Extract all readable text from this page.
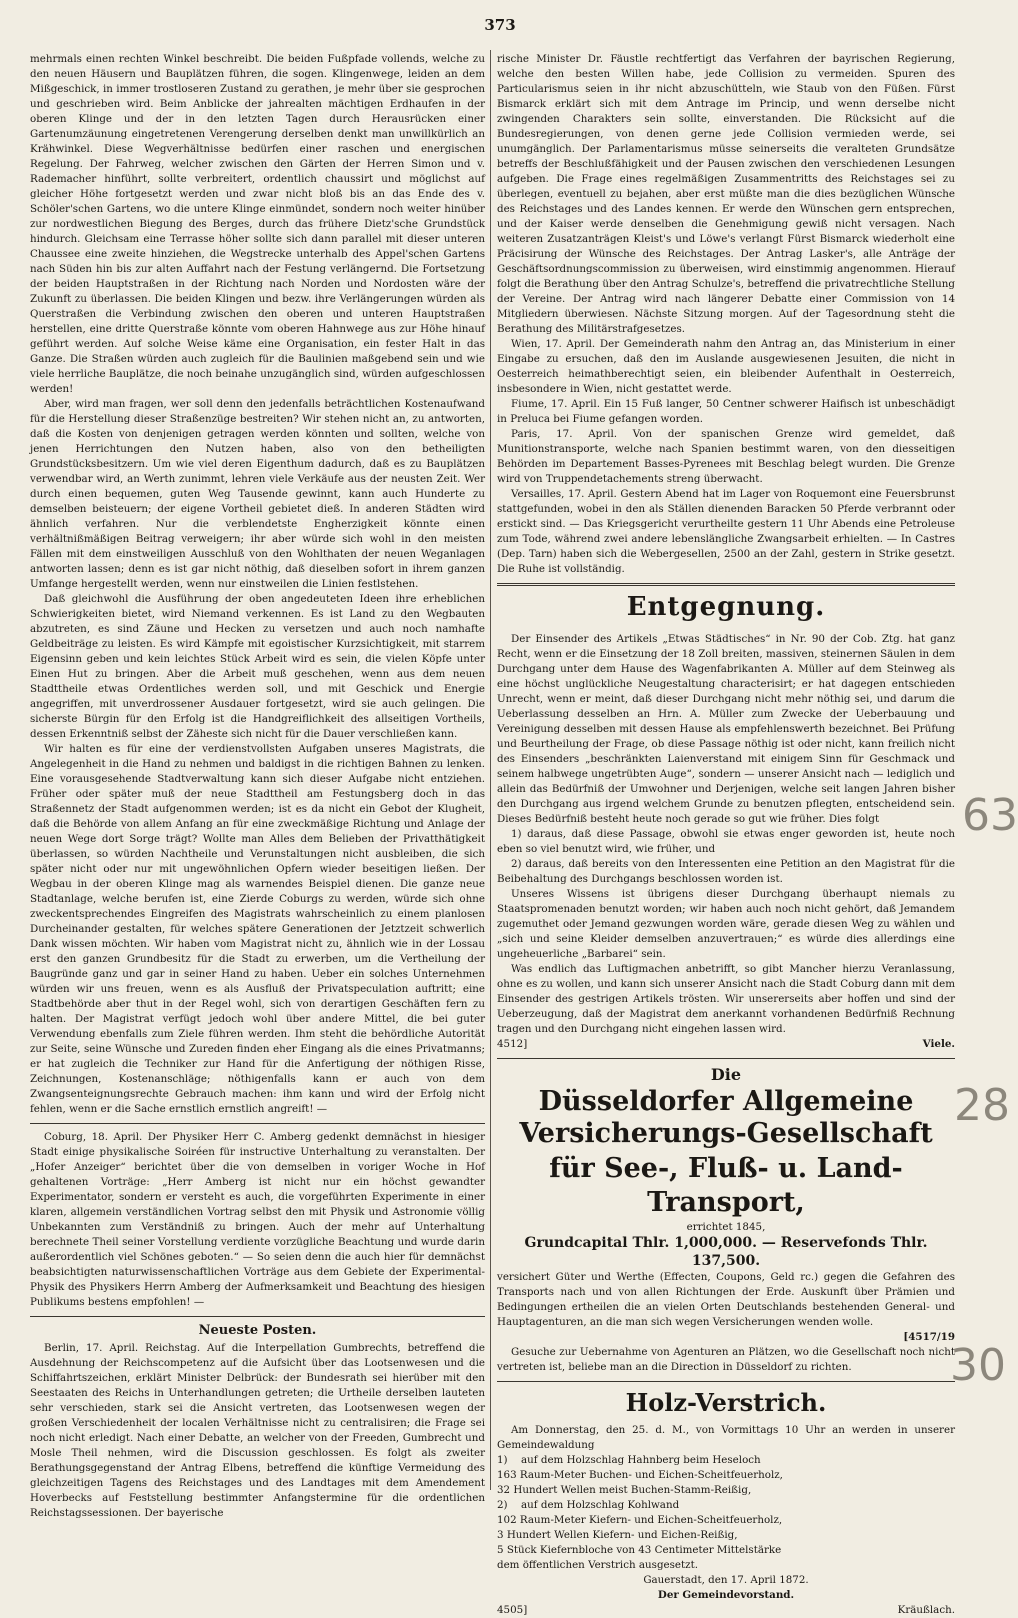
373

mehrmals einen rechten Winkel beschreibt. Die beiden Fußpfade vollends, welche zu den neuen Häusern und Bauplätzen führen, die sogen. Klingenwege, leiden an dem Mißgeschick, in immer trostloseren Zustand zu gerathen, je mehr über sie gesprochen und geschrieben wird. Beim Anblicke der jahrealten mächtigen Erdhaufen in der oberen Klinge und der in den letzten Tagen durch Herausrücken einer Gartenumzäunung eingetretenen Verengerung derselben denkt man unwillkürlich an Krähwinkel. Diese Wegverhältnisse bedürfen einer raschen und energischen Regelung. Der Fahrweg, welcher zwischen den Gärten der Herren Simon und v. Rademacher hinführt, sollte verbreitert, ordentlich chaussirt und möglichst auf gleicher Höhe fortgesetzt werden und zwar nicht bloß bis an das Ende des v. Schöler'schen Gartens, wo die untere Klinge einmündet, sondern noch weiter hinüber zur nordwestlichen Biegung des Berges, durch das frühere Dietz'sche Grundstück hindurch. Gleichsam eine Terrasse höher sollte sich dann parallel mit dieser unteren Chaussee eine zweite hinziehen, die Wegstrecke unterhalb des Appel'schen Gartens nach Süden hin bis zur alten Auffahrt nach der Festung verlängernd. Die Fortsetzung der beiden Hauptstraßen in der Richtung nach Norden und Nordosten wäre der Zukunft zu überlassen. Die beiden Klingen und bezw. ihre Verlängerungen würden als Querstraßen die Verbindung zwischen den oberen und unteren Hauptstraßen herstellen, eine dritte Querstraße könnte vom oberen Hahnwege aus zur Höhe hinauf geführt werden. Auf solche Weise käme eine Organisation, ein fester Halt in das Ganze. Die Straßen würden auch zugleich für die Baulinien maßgebend sein und wie viele herrliche Bauplätze, die noch beinahe unzugänglich sind, würden aufgeschlossen werden!

Aber, wird man fragen, wer soll denn den jedenfalls beträchtlichen Kostenaufwand für die Herstellung dieser Straßenzüge bestreiten? Wir stehen nicht an, zu antworten, daß die Kosten von denjenigen getragen werden könnten und sollten, welche von jenen Herrichtungen den Nutzen haben, also von den betheiligten Grundstücksbesitzern. Um wie viel deren Eigenthum dadurch, daß es zu Bauplätzen verwendbar wird, an Werth zunimmt, lehren viele Verkäufe aus der neusten Zeit. Wer durch einen bequemen, guten Weg Tausende gewinnt, kann auch Hunderte zu demselben beisteuern; der eigene Vortheil gebietet dieß. In anderen Städten wird ähnlich verfahren. Nur die verblendetste Engherzigkeit könnte einen verhältnißmäßigen Beitrag verweigern; ihr aber würde sich wohl in den meisten Fällen mit dem einstweiligen Ausschluß von den Wohlthaten der neuen Weganlagen antworten lassen; denn es ist gar nicht nöthig, daß dieselben sofort in ihrem ganzen Umfange hergestellt werden, wenn nur einstweilen die Linien festlstehen.

Daß gleichwohl die Ausführung der oben angedeuteten Ideen ihre erheblichen Schwierigkeiten bietet, wird Niemand verkennen. Es ist Land zu den Wegbauten abzutreten, es sind Zäune und Hecken zu versetzen und auch noch namhafte Geldbeiträge zu leisten. Es wird Kämpfe mit egoistischer Kurzsichtigkeit, mit starrem Eigensinn geben und kein leichtes Stück Arbeit wird es sein, die vielen Köpfe unter Einen Hut zu bringen. Aber die Arbeit muß geschehen, wenn aus dem neuen Stadttheile etwas Ordentliches werden soll, und mit Geschick und Energie angegriffen, mit unverdrossener Ausdauer fortgesetzt, wird sie auch gelingen. Die sicherste Bürgin für den Erfolg ist die Handgreiflichkeit des allseitigen Vortheils, dessen Erkenntniß selbst der Zäheste sich nicht für die Dauer verschließen kann.

Wir halten es für eine der verdienstvollsten Aufgaben unseres Magistrats, die Angelegenheit in die Hand zu nehmen und baldigst in die richtigen Bahnen zu lenken. Eine vorausgesehende Stadtverwaltung kann sich dieser Aufgabe nicht entziehen. Früher oder später muß der neue Stadttheil am Festungsberg doch in das Straßennetz der Stadt aufgenommen werden; ist es da nicht ein Gebot der Klugheit, daß die Behörde von allem Anfang an für eine zweckmäßige Richtung und Anlage der neuen Wege dort Sorge trägt? Wollte man Alles dem Belieben der Privatthätigkeit überlassen, so würden Nachtheile und Verunstaltungen nicht ausbleiben, die sich später nicht oder nur mit ungewöhnlichen Opfern wieder beseitigen ließen. Der Wegbau in der oberen Klinge mag als warnendes Beispiel dienen. Die ganze neue Stadtanlage, welche berufen ist, eine Zierde Coburgs zu werden, würde sich ohne zweckentsprechendes Eingreifen des Magistrats wahrscheinlich zu einem planlosen Durcheinander gestalten, für welches spätere Generationen der Jetztzeit schwerlich Dank wissen möchten. Wir haben vom Magistrat nicht zu, ähnlich wie in der Lossau erst den ganzen Grundbesitz für die Stadt zu erwerben, um die Vertheilung der Baugründe ganz und gar in seiner Hand zu haben. Ueber ein solches Unternehmen würden wir uns freuen, wenn es als Ausfluß der Privatspeculation auftritt; eine Stadtbehörde aber thut in der Regel wohl, sich von derartigen Geschäften fern zu halten. Der Magistrat verfügt jedoch wohl über andere Mittel, die bei guter Verwendung ebenfalls zum Ziele führen werden. Ihm steht die behördliche Autorität zur Seite, seine Wünsche und Zureden finden eher Eingang als die eines Privatmanns; er hat zugleich die Techniker zur Hand für die Anfertigung der nöthigen Risse, Zeichnungen, Kostenanschläge; nöthigenfalls kann er auch von dem Zwangsenteignungsrechte Gebrauch machen: ihm kann und wird der Erfolg nicht fehlen, wenn er die Sache ernstlich ernstlich angreift! —

Coburg, 18. April. Der Physiker Herr C. Amberg gedenkt demnächst in hiesiger Stadt einige physikalische Soiréen für instructive Unterhaltung zu veranstalten. Der „Hofer Anzeiger“ berichtet über die von demselben in voriger Woche in Hof gehaltenen Vorträge: „Herr Amberg ist nicht nur ein höchst gewandter Experimentator, sondern er versteht es auch, die vorgeführten Experimente in einer klaren, allgemein verständlichen Vortrag selbst den mit Physik und Astronomie völlig Unbekannten zum Verständniß zu bringen. Auch der mehr auf Unterhaltung berechnete Theil seiner Vorstellung verdiente vorzügliche Beachtung und wurde darin außerordentlich viel Schönes geboten.“ — So seien denn die auch hier für demnächst beabsichtigten naturwissenschaftlichen Vorträge aus dem Gebiete der Experimental-Physik des Physikers Herrn Amberg der Aufmerksamkeit und Beachtung des hiesigen Publikums bestens empfohlen! —

Neueste Posten.

Berlin, 17. April. Reichstag. Auf die Interpellation Gumbrechts, betreffend die Ausdehnung der Reichscompetenz auf die Aufsicht über das Lootsenwesen und die Schiffahrtszeichen, erklärt Minister Delbrück: der Bundesrath sei hierüber mit den Seestaaten des Reichs in Unterhandlungen getreten; die Urtheile derselben lauteten sehr verschieden, stark sei die Ansicht vertreten, das Lootsenwesen wegen der großen Verschiedenheit der localen Verhältnisse nicht zu centralisiren; die Frage sei noch nicht erledigt. Nach einer Debatte, an welcher von der Freeden, Gumbrecht und Mosle Theil nehmen, wird die Discussion geschlossen. Es folgt als zweiter Berathungsgegenstand der Antrag Elbens, betreffend die künftige Vermeidung des gleichzeitigen Tagens des Reichstages und des Landtages mit dem Amendement Hoverbecks auf Feststellung bestimmter Anfangstermine für die ordentlichen Reichstagssessionen. Der bayerische

rische Minister Dr. Fäustle rechtfertigt das Verfahren der bayrischen Regierung, welche den besten Willen habe, jede Collision zu vermeiden. Spuren des Particularismus seien in ihr nicht abzuschütteln, wie Staub von den Füßen. Fürst Bismarck erklärt sich mit dem Antrage im Princip, und wenn derselbe nicht zwingenden Charakters sein sollte, einverstanden. Die Rücksicht auf die Bundesregierungen, von denen gerne jede Collision vermieden werde, sei unumgänglich. Der Parlamentarismus müsse seinerseits die veralteten Grundsätze betreffs der Beschlußfähigkeit und der Pausen zwischen den verschiedenen Lesungen aufgeben. Die Frage eines regelmäßigen Zusammentritts des Reichstages sei zu überlegen, eventuell zu bejahen, aber erst müßte man die dies bezüglichen Wünsche des Reichstages und des Landes kennen. Er werde den Wünschen gern entsprechen, und der Kaiser werde denselben die Genehmigung gewiß nicht versagen. Nach weiteren Zusatzanträgen Kleist's und Löwe's verlangt Fürst Bismarck wiederholt eine Präcisirung der Wünsche des Reichstages. Der Antrag Lasker's, alle Anträge der Geschäftsordnungscommission zu überweisen, wird einstimmig angenommen. Hierauf folgt die Berathung über den Antrag Schulze's, betreffend die privatrechtliche Stellung der Vereine. Der Antrag wird nach längerer Debatte einer Commission von 14 Mitgliedern überwiesen. Nächste Sitzung morgen. Auf der Tagesordnung steht die Berathung des Militärstrafgesetzes.

Wien, 17. April. Der Gemeinderath nahm den Antrag an, das Ministerium in einer Eingabe zu ersuchen, daß den im Auslande ausgewiesenen Jesuiten, die nicht in Oesterreich heimathberechtigt seien, ein bleibender Aufenthalt in Oesterreich, insbesondere in Wien, nicht gestattet werde.

Fiume, 17. April. Ein 15 Fuß langer, 50 Centner schwerer Haifisch ist unbeschädigt in Preluca bei Fiume gefangen worden.

Paris, 17. April. Von der spanischen Grenze wird gemeldet, daß Munitionstransporte, welche nach Spanien bestimmt waren, von den diesseitigen Behörden im Departement Basses-Pyrenees mit Beschlag belegt wurden. Die Grenze wird von Truppendetachements streng überwacht.

Versailles, 17. April. Gestern Abend hat im Lager von Roquemont eine Feuersbrunst stattgefunden, wobei in den als Ställen dienenden Baracken 50 Pferde verbrannt oder erstickt sind. — Das Kriegsgericht verurtheilte gestern 11 Uhr Abends eine Petroleuse zum Tode, während zwei andere lebenslängliche Zwangsarbeit erhielten. — In Castres (Dep. Tarn) haben sich die Webergesellen, 2500 an der Zahl, gestern in Strike gesetzt. Die Ruhe ist vollständig.

Entgegnung.

Der Einsender des Artikels „Etwas Städtisches“ in Nr. 90 der Cob. Ztg. hat ganz Recht, wenn er die Einsetzung der 18 Zoll breiten, massiven, steinernen Säulen in dem Durchgang unter dem Hause des Wagenfabrikanten A. Müller auf dem Steinweg als eine höchst unglückliche Neugestaltung characterisirt; er hat dagegen entschieden Unrecht, wenn er meint, daß dieser Durchgang nicht mehr nöthig sei, und darum die Ueberlassung desselben an Hrn. A. Müller zum Zwecke der Ueberbauung und Vereinigung desselben mit dessen Hause als empfehlenswerth bezeichnet. Bei Prüfung und Beurtheilung der Frage, ob diese Passage nöthig ist oder nicht, kann freilich nicht des Einsenders „beschränkten Laienverstand mit einigem Sinn für Geschmack und seinem halbwege ungetrübten Auge“, sondern — unserer Ansicht nach — lediglich und allein das Bedürfniß der Umwohner und Derjenigen, welche seit langen Jahren bisher den Durchgang aus irgend welchem Grunde zu benutzen pflegten, entscheidend sein. Dieses Bedürfniß besteht heute noch gerade so gut wie früher. Dies folgt

1) daraus, daß diese Passage, obwohl sie etwas enger geworden ist, heute noch eben so viel benutzt wird, wie früher, und

2) daraus, daß bereits von den Interessenten eine Petition an den Magistrat für die Beibehaltung des Durchgangs beschlossen worden ist.

Unseres Wissens ist übrigens dieser Durchgang überhaupt niemals zu Staatspromenaden benutzt worden; wir haben auch noch nicht gehört, daß Jemandem zugemuthet oder Jemand gezwungen worden wäre, gerade diesen Weg zu wählen und „sich und seine Kleider demselben anzuvertrauen;“ es würde dies allerdings eine ungeheuerliche „Barbarei“ sein.

Was endlich das Luftigmachen anbetrifft, so gibt Mancher hierzu Veranlassung, ohne es zu wollen, und kann sich unserer Ansicht nach die Stadt Coburg dann mit dem Einsender des gestrigen Artikels trösten. Wir unsererseits aber hoffen und sind der Ueberzeugung, daß der Magistrat dem anerkannt vorhandenen Bedürfniß Rechnung tragen und den Durchgang nicht eingehen lassen wird.

4512]	Viele.
Die
Düsseldorfer Allgemeine Versicherungs-Gesellschaft
für See-, Fluß- u. Land-Transport,
errichtet 1845,
Grundcapital Thlr. 1,000,000. — Reservefonds Thlr. 137,500.

versichert Güter und Werthe (Effecten, Coupons, Geld rc.) gegen die Gefahren des Transports nach und von allen Richtungen der Erde. Auskunft über Prämien und Bedingungen ertheilen die an vielen Orten Deutschlands bestehenden General- und Hauptagenturen, an die man sich wegen Versicherungen wenden wolle.

[4517/19

Gesuche zur Uebernahme von Agenturen an Plätzen, wo die Gesellschaft noch nicht vertreten ist, beliebe man an die Direction in Düsseldorf zu richten.

Holz-Verstrich.

Am Donnerstag, den 25. d. M., von Vormittags 10 Uhr an werden in unserer Gemeindewaldung

1) auf dem Holzschlag Hahnberg beim Heseloch
163 Raum-Meter Buchen- und Eichen-Scheitfeuerholz,
32 Hundert Wellen meist Buchen-Stamm-Reißig,
2) auf dem Holzschlag Kohlwand
102 Raum-Meter Kiefern- und Eichen-Scheitfeuerholz,
3 Hundert Wellen Kiefern- und Eichen-Reißig,
5 Stück Kiefernbloche von 43 Centimeter Mittelstärke

dem öffentlichen Verstrich ausgesetzt.

Gauerstadt, den 17. April 1872.
Der Gemeindevorstand.
4505]	Kräußlach.
63
28
30
